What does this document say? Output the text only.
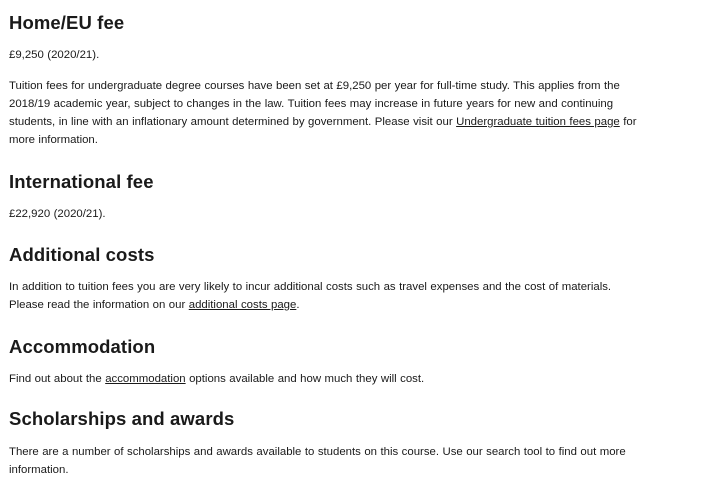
Home/EU fee

£9,250 (2020/21).

Tuition fees for undergraduate degree courses have been set at £9,250 per year for full-time study. This applies from the 2018/19 academic year, subject to changes in the law. Tuition fees may increase in future years for new and continuing students, in line with an inflationary amount determined by government. Please visit our Undergraduate tuition fees page for more information.

International fee

£22,920 (2020/21).

Additional costs

In addition to tuition fees you are very likely to incur additional costs such as travel expenses and the cost of materials. Please read the information on our additional costs page.

Accommodation

Find out about the accommodation options available and how much they will cost.

Scholarships and awards

There are a number of scholarships and awards available to students on this course. Use our search tool to find out more information.
